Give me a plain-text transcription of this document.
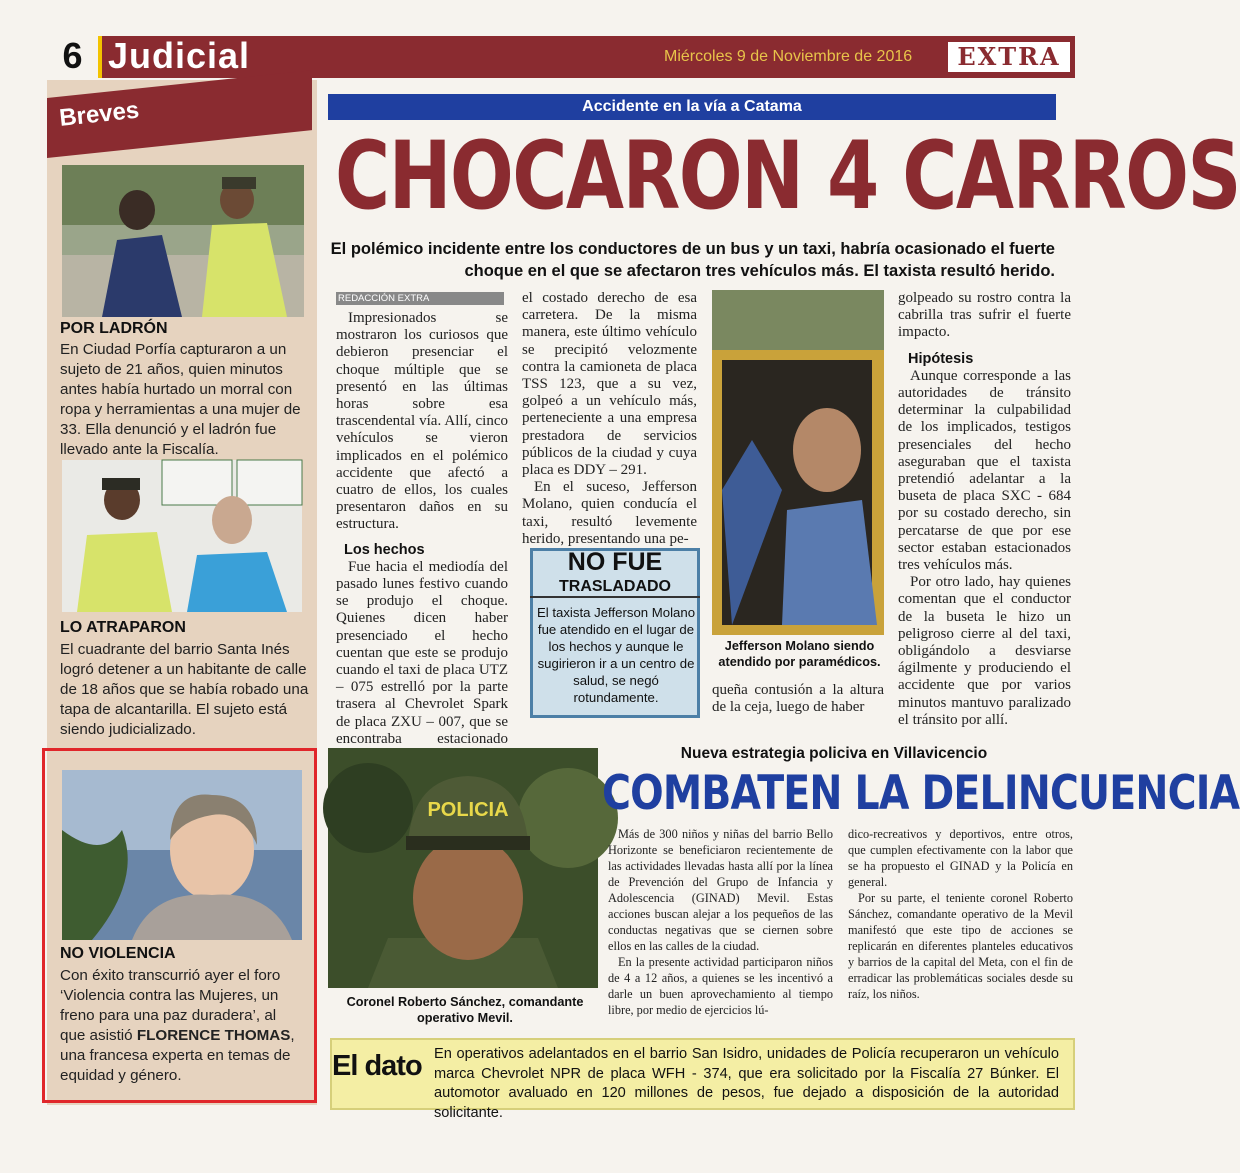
6 Judicial	Miércoles 9 de Noviembre de 2016	EXTRA
Breves
POR LADRÓN
En Ciudad Porfía capturaron a un sujeto de 21 años, quien minutos antes había hurtado un morral con ropa y herramientas a una mujer de 33. Ella denunció y el ladrón fue llevado ante la Fiscalía.
LO ATRAPARON
El cuadrante del barrio Santa Inés logró detener a un habitante de calle de 18 años que se había robado una tapa de alcantarilla. El sujeto está siendo judicializado.
NO VIOLENCIA
Con éxito transcurrió ayer el foro ‘Violencia contra las Mujeres, un freno para una paz duradera’, al que asistió FLORENCE THOMAS, una francesa experta en temas de equidad y género.
Accidente en la vía a Catama
CHOCARON 4 CARROS
El polémico incidente entre los conductores de un bus y un taxi, habría ocasionado el fuerte choque en el que se afectaron tres vehículos más. El taxista resultó herido.
REDACCIÓN EXTRA

Impresionados se mostraron los curiosos que debieron presenciar el choque múltiple que se presentó en las últimas horas sobre esa trascendental vía. Allí, cinco vehículos se vieron implicados en el polémico accidente que afectó a cuatro de ellos, los cuales presentaron daños en su estructura.

Los hechos

Fue hacia el mediodía del pasado lunes festivo cuando se produjo el choque. Quienes dicen haber presenciado el hecho cuentan que este se produjo cuando el taxi de placa UTZ – 075 estrelló por la parte trasera al Chevrolet Spark de placa ZXU – 007, que se encontraba estacionado

el costado derecho de esa carretera. De la misma manera, este último vehículo se precipitó velozmente contra la camioneta de placa TSS 123, que a su vez, golpeó a un vehículo más, perteneciente a una empresa prestadora de servicios públicos de la ciudad y cuya placa es DDY – 291.

En el suceso, Jefferson Molano, quien conducía el taxi, resultó levemente herido, presentando una pe-

NO FUE
TRASLADADO
El taxista Jefferson Molano fue atendido en el lugar de los hechos y aunque le sugirieron ir a un centro de salud, se negó rotundamente.
Jefferson Molano siendo atendido por paramédicos.

queña contusión a la altura de la ceja, luego de haber

golpeado su rostro contra la cabrilla tras sufrir el fuerte impacto.

Hipótesis

Aunque corresponde a las autoridades de tránsito determinar la culpabilidad de los implicados, testigos presenciales del hecho aseguraban que el taxista pretendió adelantar a la buseta de placa SXC - 684 por su costado derecho, sin percatarse de que por ese sector estaban estacionados tres vehículos más.

Por otro lado, hay quienes comentan que el conductor de la buseta le hizo un peligroso cierre al del taxi, obligándolo a desviarse ágilmente y produciendo el accidente que por varios minutos mantuvo paralizado el tránsito por allí.

POLICIA
Coronel Roberto Sánchez, comandante operativo Mevil.
Nueva estrategia policiva en Villavicencio
COMBATEN LA DELINCUENCIA

Más de 300 niños y niñas del barrio Bello Horizonte se beneficiaron recientemente de las actividades llevadas hasta allí por la línea de Prevención del Grupo de Infancia y Adolescencia (GINAD) Mevil. Estas acciones buscan alejar a los pequeños de las conductas negativas que se ciernen sobre ellos en las calles de la ciudad.

En la presente actividad participaron niños de 4 a 12 años, a quienes se les incentivó a darle un buen aprovechamiento al tiempo libre, por medio de ejercicios lú-

dico-recreativos y deportivos, entre otros, que cumplen efectivamente con la labor que se ha propuesto el GINAD y la Policía en general.

Por su parte, el teniente coronel Roberto Sánchez, comandante operativo de la Mevil manifestó que este tipo de acciones se replicarán en diferentes planteles educativos y barrios de la capital del Meta, con el fin de erradicar las problemáticas sociales desde su raíz, los niños.

El dato En operativos adelantados en el barrio San Isidro, unidades de Policía recuperaron un vehículo marca Chevrolet NPR de placa WFH - 374, que era solicitado por la Fiscalía 27 Búnker. El automotor avaluado en 120 millones de pesos, fue dejado a disposición de la autoridad solicitante.
